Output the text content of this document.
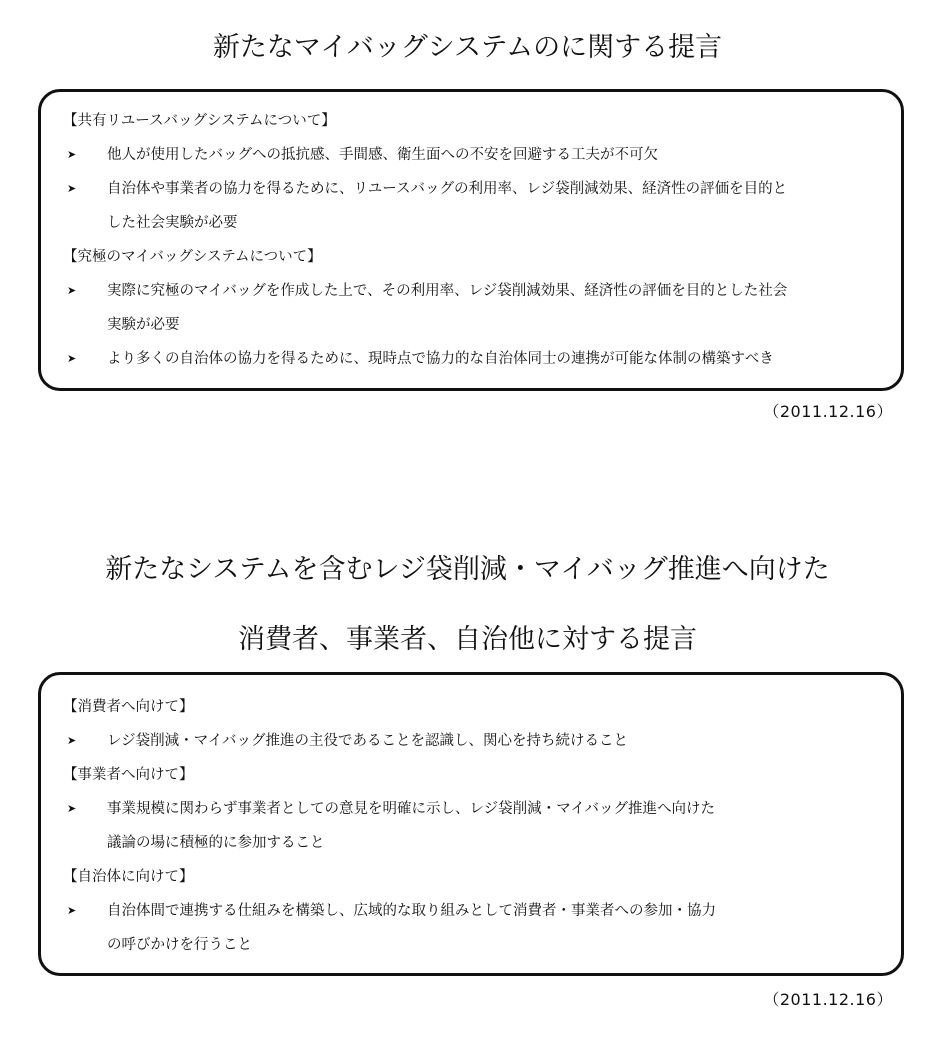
新たなマイバッグシステムのに関する提言
【共有リユースバッグシステムについて】
➤ 他人が使用したバッグへの抵抗感、手間感、衛生面への不安を回避する工夫が不可欠
➤ 自治体や事業者の協力を得るために、リユースバッグの利用率、レジ袋削減効果、経済性の評価を目的と
した社会実験が必要
【究極のマイバッグシステムについて】
➤ 実際に究極のマイバッグを作成した上で、その利用率、レジ袋削減効果、経済性の評価を目的とした社会
実験が必要
➤ より多くの自治体の協力を得るために、現時点で協力的な自治体同士の連携が可能な体制の構築すべき
（2011.12.16）
新たなシステムを含むレジ袋削減・マイバッグ推進へ向けた
消費者、事業者、自治他に対する提言
【消費者へ向けて】
➤ レジ袋削減・マイバッグ推進の主役であることを認識し、関心を持ち続けること
【事業者へ向けて】
➤ 事業規模に関わらず事業者としての意見を明確に示し、レジ袋削減・マイバッグ推進へ向けた
議論の場に積極的に参加すること
【自治体に向けて】
➤ 自治体間で連携する仕組みを構築し、広域的な取り組みとして消費者・事業者への参加・協力
の呼びかけを行うこと
（2011.12.16）
